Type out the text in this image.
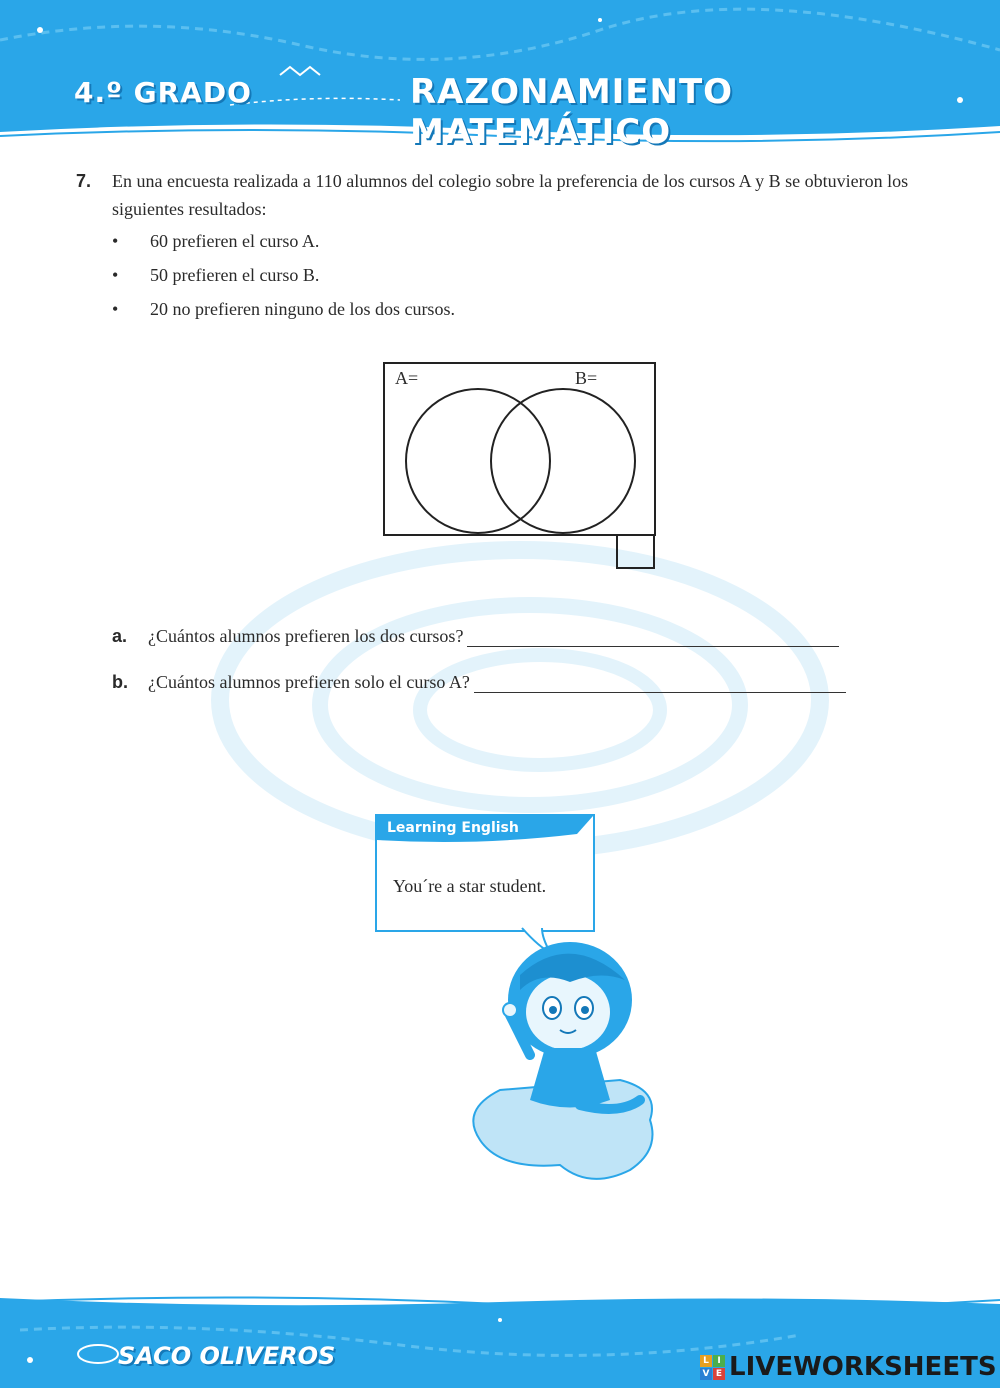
4.º GRADO	RAZONAMIENTO MATEMÁTICO
7. En una encuesta realizada a 110 alumnos del colegio sobre la preferencia de los cursos A y B se obtuvieron los siguientes resultados:
• 60 prefieren el curso A.
• 50 prefieren el curso B.
• 20 no prefieren ninguno de los dos cursos.
A=	B=
a.	¿Cuántos alumnos prefieren los dos cursos?
b.	¿Cuántos alumnos prefieren solo el curso A?
Learning English
You´re a star student.
SACO OLIVEROS	L I
V E LIVEWORKSHEETS
